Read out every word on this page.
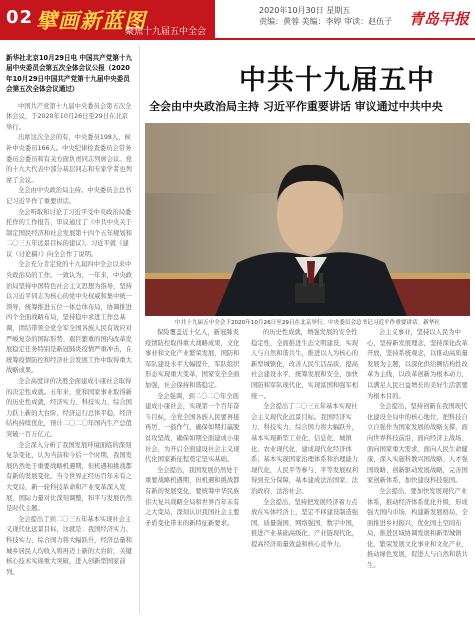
02 擘画新蓝图
聚焦十九届五中全会
2020年10月30日 星期五
责编：黄蓉 美编：李婷 审读：赵伍子 青岛早报

新华社北京10月29日电 中国共产党第十九届中央委员会第五次全体会议公报（2020年10月29日中国共产党第十九届中央委员会第五次全体会议通过）

中国共产党第十九届中央委员会第五次全体会议，于2020年10月26日至29日在北京举行。

出席这次全会的有，中央委员198人，候补中央委员166人。中央纪律检查委员会常务委员会委员和有关方面负责同志列席会议。党的十九大代表中部分基层同志和专家学者也列席了会议。

全会由中央政治局主持。中央委员会总书记习近平作了重要讲话。

全会听取和讨论了习近平受中央政治局委托作的工作报告，审议通过了《中共中央关于制定国民经济和社会发展第十四个五年规划和二〇三五年远景目标的建议》。习近平就《建议（讨论稿）》向全会作了说明。

全会充分肯定党的十九届四中全会以来中央政治局的工作。一致认为，一年来，中央政治局坚持中国特色社会主义思想为指导，坚持以习近平同志为核心的党中央权威和集中统一领导，统筹推进五位一体总体布局，协调推进四个全面战略布局，坚持稳中求进工作总基调，团结带领全党全军全国各族人民有效应对严峻复杂的国际形势、艰巨繁重的国内改革发展稳定任务特别是新冠肺炎疫情严重冲击，在统筹疫情防控和经济社会发展工作中取得重大战略成果。

全会高度评价决胜全面建成小康社会取得的决定性成就。五年来，党和国家事业取得新的历史性成就，经济实力、科技实力、综合国力跃上新的大台阶，经济运行总体平稳，经济结构持续优化，预计二〇二〇年国内生产总值突破一百万亿元。

全会深入分析了我国发展环境面临的深刻复杂变化，认为当前和今后一个时期，我国发展仍然处于重要战略机遇期，但机遇和挑战都有新的发展变化。当今世界正经历百年未有之大变局，新一轮科技革命和产业变革深入发展，国际力量对比深刻调整，和平与发展仍然是时代主题。

全会提出了到二〇三五年基本实现社会主义现代化远景目标，这就是：我国经济实力、科技实力、综合国力将大幅跃升，经济总量和城乡居民人均收入将再迈上新的大台阶，关键核心技术实现重大突破，进入创新型国家前列。

中共十九届五中
全会由中央政治局主持 习近平作重要讲话 审议通过中共中央
中共十九届五中全会于2020年10月26日至29日在北京举行。中央委员会总书记习近平作重要讲话。新华社

保险覆盖近十亿人，新冠肺炎疫情防控取得重大战略成果，文化事业和文化产业繁荣发展，国防和军队建设水平大幅提升，军队组织形态实现重大变革，国家安全全面加强，社会保持和谐稳定。

全会强调，到二〇二〇年全面建成小康社会，实现第一个百年奋斗目标，全党全国各族人民要再接再厉、一鼓作气，确保如期打赢脱贫攻坚战，确保如期全面建成小康社会，为开启全面建设社会主义现代化国家新征程奠定坚实基础。

全会提出，我国发展仍然处于重要战略机遇期，但机遇和挑战都有新的发展变化，要统筹中华民族伟大复兴战略全局和世界百年未有之大变局，深刻认识我国社会主要矛盾变化带来的新特征新要求。

的历史性成就，增强发展的安全性稳定性，全面推进生态文明建设，实现人与自然和谐共生，推进以人为核心的新型城镇化，改善人民生活品质，提高社会建设水平，统筹发展和安全，加快国防和军队现代化，实现富国和强军相统一。

全会提出了二〇三五年基本实现社会主义现代化远景目标。我国经济实力、科技实力、综合国力将大幅跃升，基本实现新型工业化、信息化、城镇化、农业现代化，建成现代化经济体系；基本实现国家治理体系和治理能力现代化，人民平等参与、平等发展权利得到充分保障，基本建成法治国家、法治政府、法治社会。

全会提出，坚持把发展经济着力点放在实体经济上，坚定不移建设制造强国、质量强国、网络强国、数字中国，推进产业基础高级化、产业链现代化，提高经济质量效益和核心竞争力。

会主义事业，坚持以人民为中心，坚持新发展理念，坚持深化改革开放，坚持系统观念，以推动高质量发展为主题，以深化供给侧结构性改革为主线，以改革创新为根本动力，以满足人民日益增长的美好生活需要为根本目的。

全会提出，坚持创新在我国现代化建设全局中的核心地位，把科技自立自强作为国家发展的战略支撑，面向世界科技前沿、面向经济主战场、面向国家重大需求、面向人民生命健康，深入实施科教兴国战略、人才强国战略、创新驱动发展战略，完善国家创新体系，加快建设科技强国。

全会提出，要加快发展现代产业体系，推动经济体系优化升级，形成强大国内市场，构建新发展格局，全面推进乡村振兴，优化国土空间布局，推进区域协调发展和新型城镇化，繁荣发展文化事业和文化产业，推动绿色发展，促进人与自然和谐共生。
